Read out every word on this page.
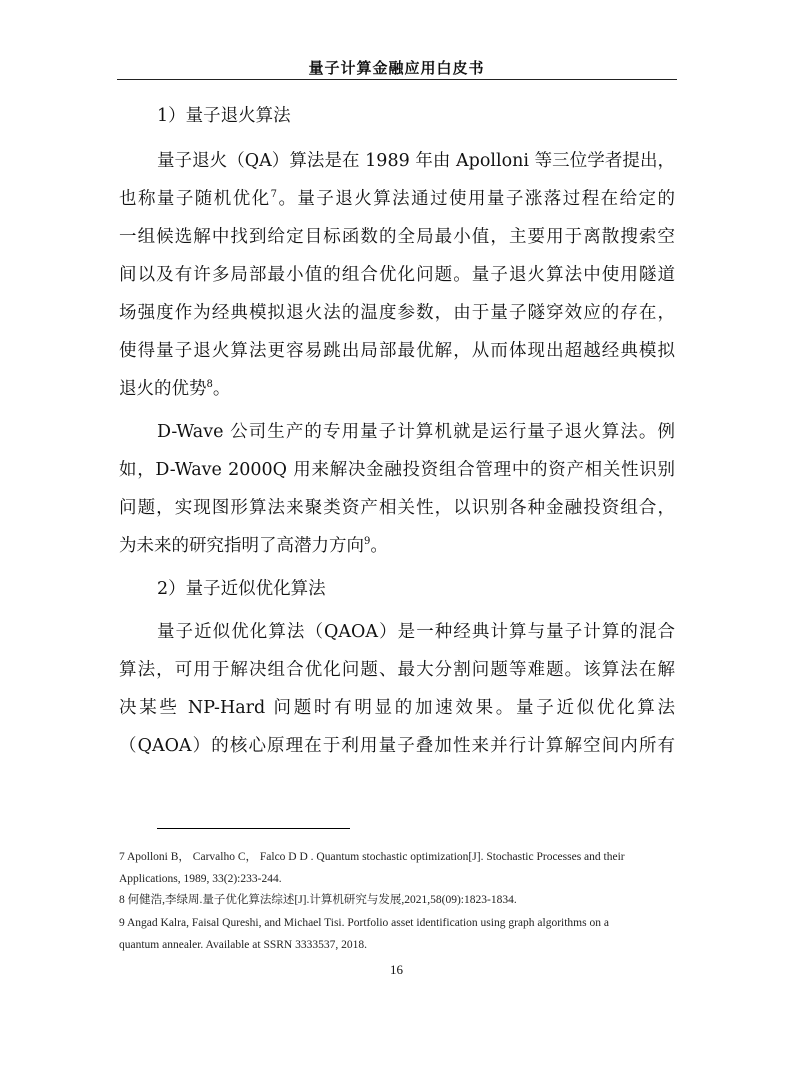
量子计算金融应用白皮书
1）量子退火算法
量子退火（QA）算法是在 1989 年由 Apolloni 等三位学者提出，
也称量子随机优化$^7$。量子退火算法通过使用量子涨落过程在给定的
一组候选解中找到给定目标函数的全局最小值，主要用于离散搜索空
间以及有许多局部最小值的组合优化问题。量子退火算法中使用隧道
场强度作为经典模拟退火法的温度参数，由于量子隧穿效应的存在，
使得量子退火算法更容易跳出局部最优解，从而体现出超越经典模拟
退火的优势$^8$。
D-Wave 公司生产的专用量子计算机就是运行量子退火算法。例
如，D-Wave 2000Q 用来解决金融投资组合管理中的资产相关性识别
问题，实现图形算法来聚类资产相关性，以识别各种金融投资组合，
为未来的研究指明了高潜力方向$^9$。
2）量子近似优化算法
量子近似优化算法（QAOA）是一种经典计算与量子计算的混合
算法，可用于解决组合优化问题、最大分割问题等难题。该算法在解
决某些 NP-Hard 问题时有明显的加速效果。量子近似优化算法
（QAOA）的核心原理在于利用量子叠加性来并行计算解空间内所有
7 Apolloni B， Carvalho C， Falco D D . Quantum stochastic optimization[J]. Stochastic Processes and their
Applications, 1989, 33(2):233-244.
8 何健浩,李绿周.量子优化算法综述[J].计算机研究与发展,2021,58(09):1823-1834.
9 Angad Kalra, Faisal Qureshi, and Michael Tisi. Portfolio asset identification using graph algorithms on a
quantum annealer. Available at SSRN 3333537, 2018.
16
